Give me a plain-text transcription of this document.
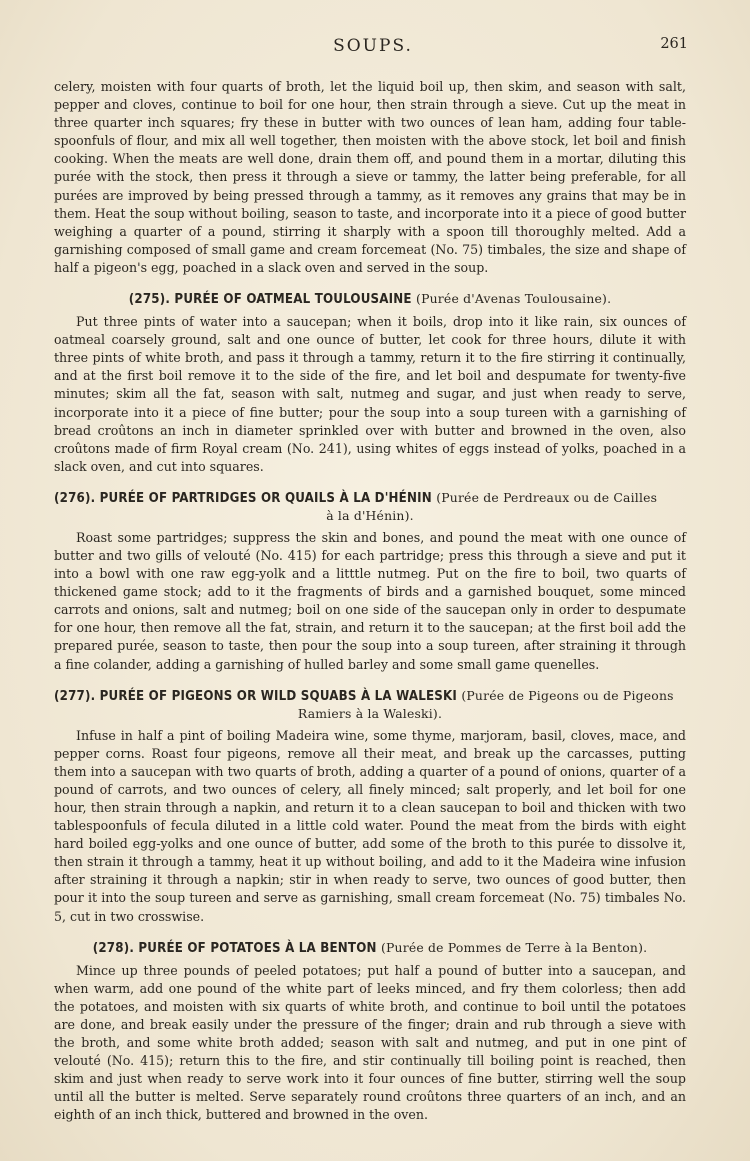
SOUPS.	261

celery, moisten with four quarts of broth, let the liquid boil up, then skim, and season with salt, pepper and cloves, continue to boil for one hour, then strain through a sieve. Cut up the meat in three quarter inch squares; fry these in butter with two ounces of lean ham, adding four table-spoonfuls of flour, and mix all well together, then moisten with the above stock, let boil and finish cooking. When the meats are well done, drain them off, and pound them in a mortar, diluting this purée with the stock, then press it through a sieve or tammy, the latter being preferable, for all purées are improved by being pressed through a tammy, as it removes any grains that may be in them. Heat the soup without boiling, season to taste, and incorporate into it a piece of good butter weighing a quarter of a pound, stirring it sharply with a spoon till thoroughly melted. Add a garnishing composed of small game and cream forcemeat (No. 75) timbales, the size and shape of half a pigeon's egg, poached in a slack oven and served in the soup.

(275). PURÉE OF OATMEAL TOULOUSAINE (Purée d'Avenas Toulousaine).

Put three pints of water into a saucepan; when it boils, drop into it like rain, six ounces of oatmeal coarsely ground, salt and one ounce of butter, let cook for three hours, dilute it with three pints of white broth, and pass it through a tammy, return it to the fire stirring it continually, and at the first boil remove it to the side of the fire, and let boil and despumate for twenty-five minutes; skim all the fat, season with salt, nutmeg and sugar, and just when ready to serve, incorporate into it a piece of fine butter; pour the soup into a soup tureen with a garnishing of bread croûtons an inch in diameter sprinkled over with butter and browned in the oven, also croûtons made of firm Royal cream (No. 241), using whites of eggs instead of yolks, poached in a slack oven, and cut into squares.

(276). PURÉE OF PARTRIDGES OR QUAILS À LA D'HÉNIN (Purée de Perdreaux ou de Cailles
à la d'Hénin).

Roast some partridges; suppress the skin and bones, and pound the meat with one ounce of butter and two gills of velouté (No. 415) for each partridge; press this through a sieve and put it into a bowl with one raw egg-yolk and a litttle nutmeg. Put on the fire to boil, two quarts of thickened game stock; add to it the fragments of birds and a garnished bouquet, some minced carrots and onions, salt and nutmeg; boil on one side of the saucepan only in order to despumate for one hour, then remove all the fat, strain, and return it to the saucepan; at the first boil add the prepared purée, season to taste, then pour the soup into a soup tureen, after straining it through a fine colander, adding a garnishing of hulled barley and some small game quenelles.

(277). PURÉE OF PIGEONS OR WILD SQUABS À LA WALESKI (Purée de Pigeons ou de Pigeons
Ramiers à la Waleski).

Infuse in half a pint of boiling Madeira wine, some thyme, marjoram, basil, cloves, mace, and pepper corns. Roast four pigeons, remove all their meat, and break up the carcasses, putting them into a saucepan with two quarts of broth, adding a quarter of a pound of onions, quarter of a pound of carrots, and two ounces of celery, all finely minced; salt properly, and let boil for one hour, then strain through a napkin, and return it to a clean saucepan to boil and thicken with two tablespoonfuls of fecula diluted in a little cold water. Pound the meat from the birds with eight hard boiled egg-yolks and one ounce of butter, add some of the broth to this purée to dissolve it, then strain it through a tammy, heat it up without boiling, and add to it the Madeira wine infusion after straining it through a napkin; stir in when ready to serve, two ounces of good butter, then pour it into the soup tureen and serve as garnishing, small cream forcemeat (No. 75) timbales No. 5, cut in two crosswise.

(278). PURÉE OF POTATOES À LA BENTON (Purée de Pommes de Terre à la Benton).

Mince up three pounds of peeled potatoes; put half a pound of butter into a saucepan, and when warm, add one pound of the white part of leeks minced, and fry them colorless; then add the potatoes, and moisten with six quarts of white broth, and continue to boil until the potatoes are done, and break easily under the pressure of the finger; drain and rub through a sieve with the broth, and some white broth added; season with salt and nutmeg, and put in one pint of velouté (No. 415); return this to the fire, and stir continually till boiling point is reached, then skim and just when ready to serve work into it four ounces of fine butter, stirring well the soup until all the butter is melted. Serve separately round croûtons three quarters of an inch, and an eighth of an inch thick, buttered and browned in the oven.
